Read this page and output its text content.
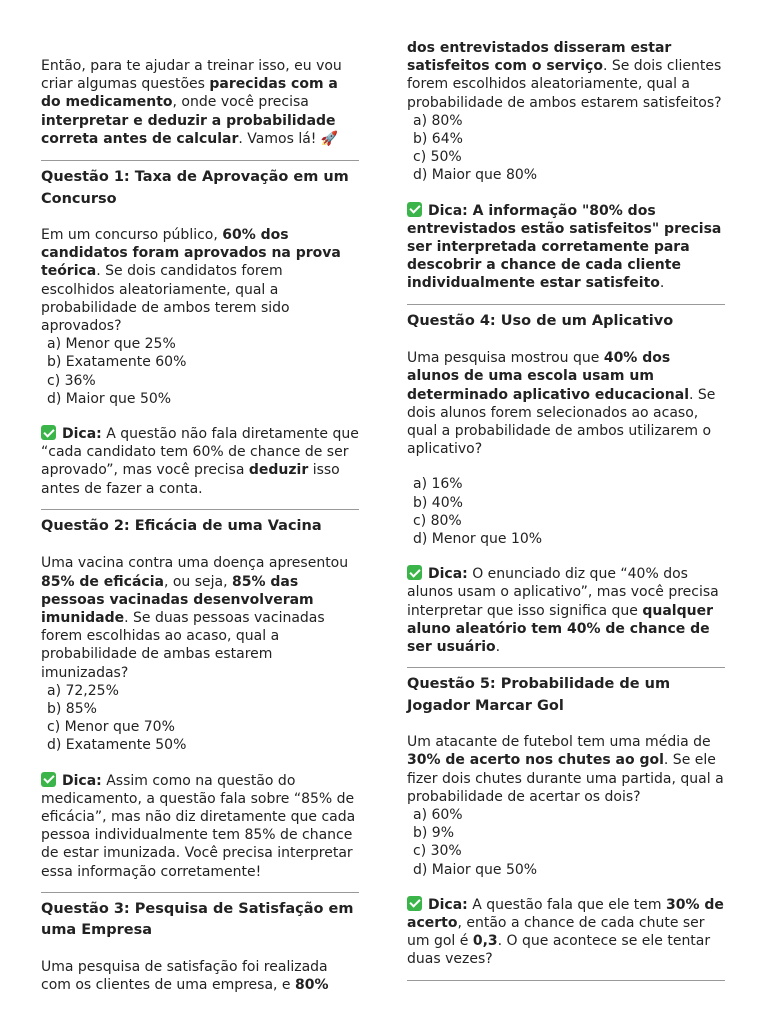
Então, para te ajudar a treinar isso, eu vou criar algumas questões parecidas com a do medicamento, onde você precisa interpretar e deduzir a probabilidade correta antes de calcular. Vamos lá! 🚀

Questão 1: Taxa de Aprovação em um Concurso

Em um concurso público, 60% dos candidatos foram aprovados na prova teórica. Se dois candidatos forem escolhidos aleatoriamente, qual a probabilidade de ambos terem sido aprovados?

a) Menor que 25%
b) Exatamente 60%
c) 36%
d) Maior que 50%

Dica: A questão não fala diretamente que “cada candidato tem 60% de chance de ser aprovado”, mas você precisa deduzir isso antes de fazer a conta.

Questão 2: Eficácia de uma Vacina

Uma vacina contra uma doença apresentou 85% de eficácia, ou seja, 85% das pessoas vacinadas desenvolveram imunidade. Se duas pessoas vacinadas forem escolhidas ao acaso, qual a probabilidade de ambas estarem imunizadas?

a) 72,25%
b) 85%
c) Menor que 70%
d) Exatamente 50%

Dica: Assim como na questão do medicamento, a questão fala sobre “85% de eficácia”, mas não diz diretamente que cada pessoa individualmente tem 85% de chance de estar imunizada. Você precisa interpretar essa informação corretamente!

Questão 3: Pesquisa de Satisfação em uma Empresa

Uma pesquisa de satisfação foi realizada com os clientes de uma empresa, e 80%

dos entrevistados disseram estar satisfeitos com o serviço. Se dois clientes forem escolhidos aleatoriamente, qual a probabilidade de ambos estarem satisfeitos?

a) 80%
b) 64%
c) 50%
d) Maior que 80%

Dica: A informação "80% dos entrevistados estão satisfeitos" precisa ser interpretada corretamente para descobrir a chance de cada cliente individualmente estar satisfeito.

Questão 4: Uso de um Aplicativo

Uma pesquisa mostrou que 40% dos alunos de uma escola usam um determinado aplicativo educacional. Se dois alunos forem selecionados ao acaso, qual a probabilidade de ambos utilizarem o aplicativo?

a) 16%
b) 40%
c) 80%
d) Menor que 10%

Dica: O enunciado diz que “40% dos alunos usam o aplicativo”, mas você precisa interpretar que isso significa que qualquer aluno aleatório tem 40% de chance de ser usuário.

Questão 5: Probabilidade de um Jogador Marcar Gol

Um atacante de futebol tem uma média de 30% de acerto nos chutes ao gol. Se ele fizer dois chutes durante uma partida, qual a probabilidade de acertar os dois?

a) 60%
b) 9%
c) 30%
d) Maior que 50%

Dica: A questão fala que ele tem 30% de acerto, então a chance de cada chute ser um gol é 0,3. O que acontece se ele tentar duas vezes?
